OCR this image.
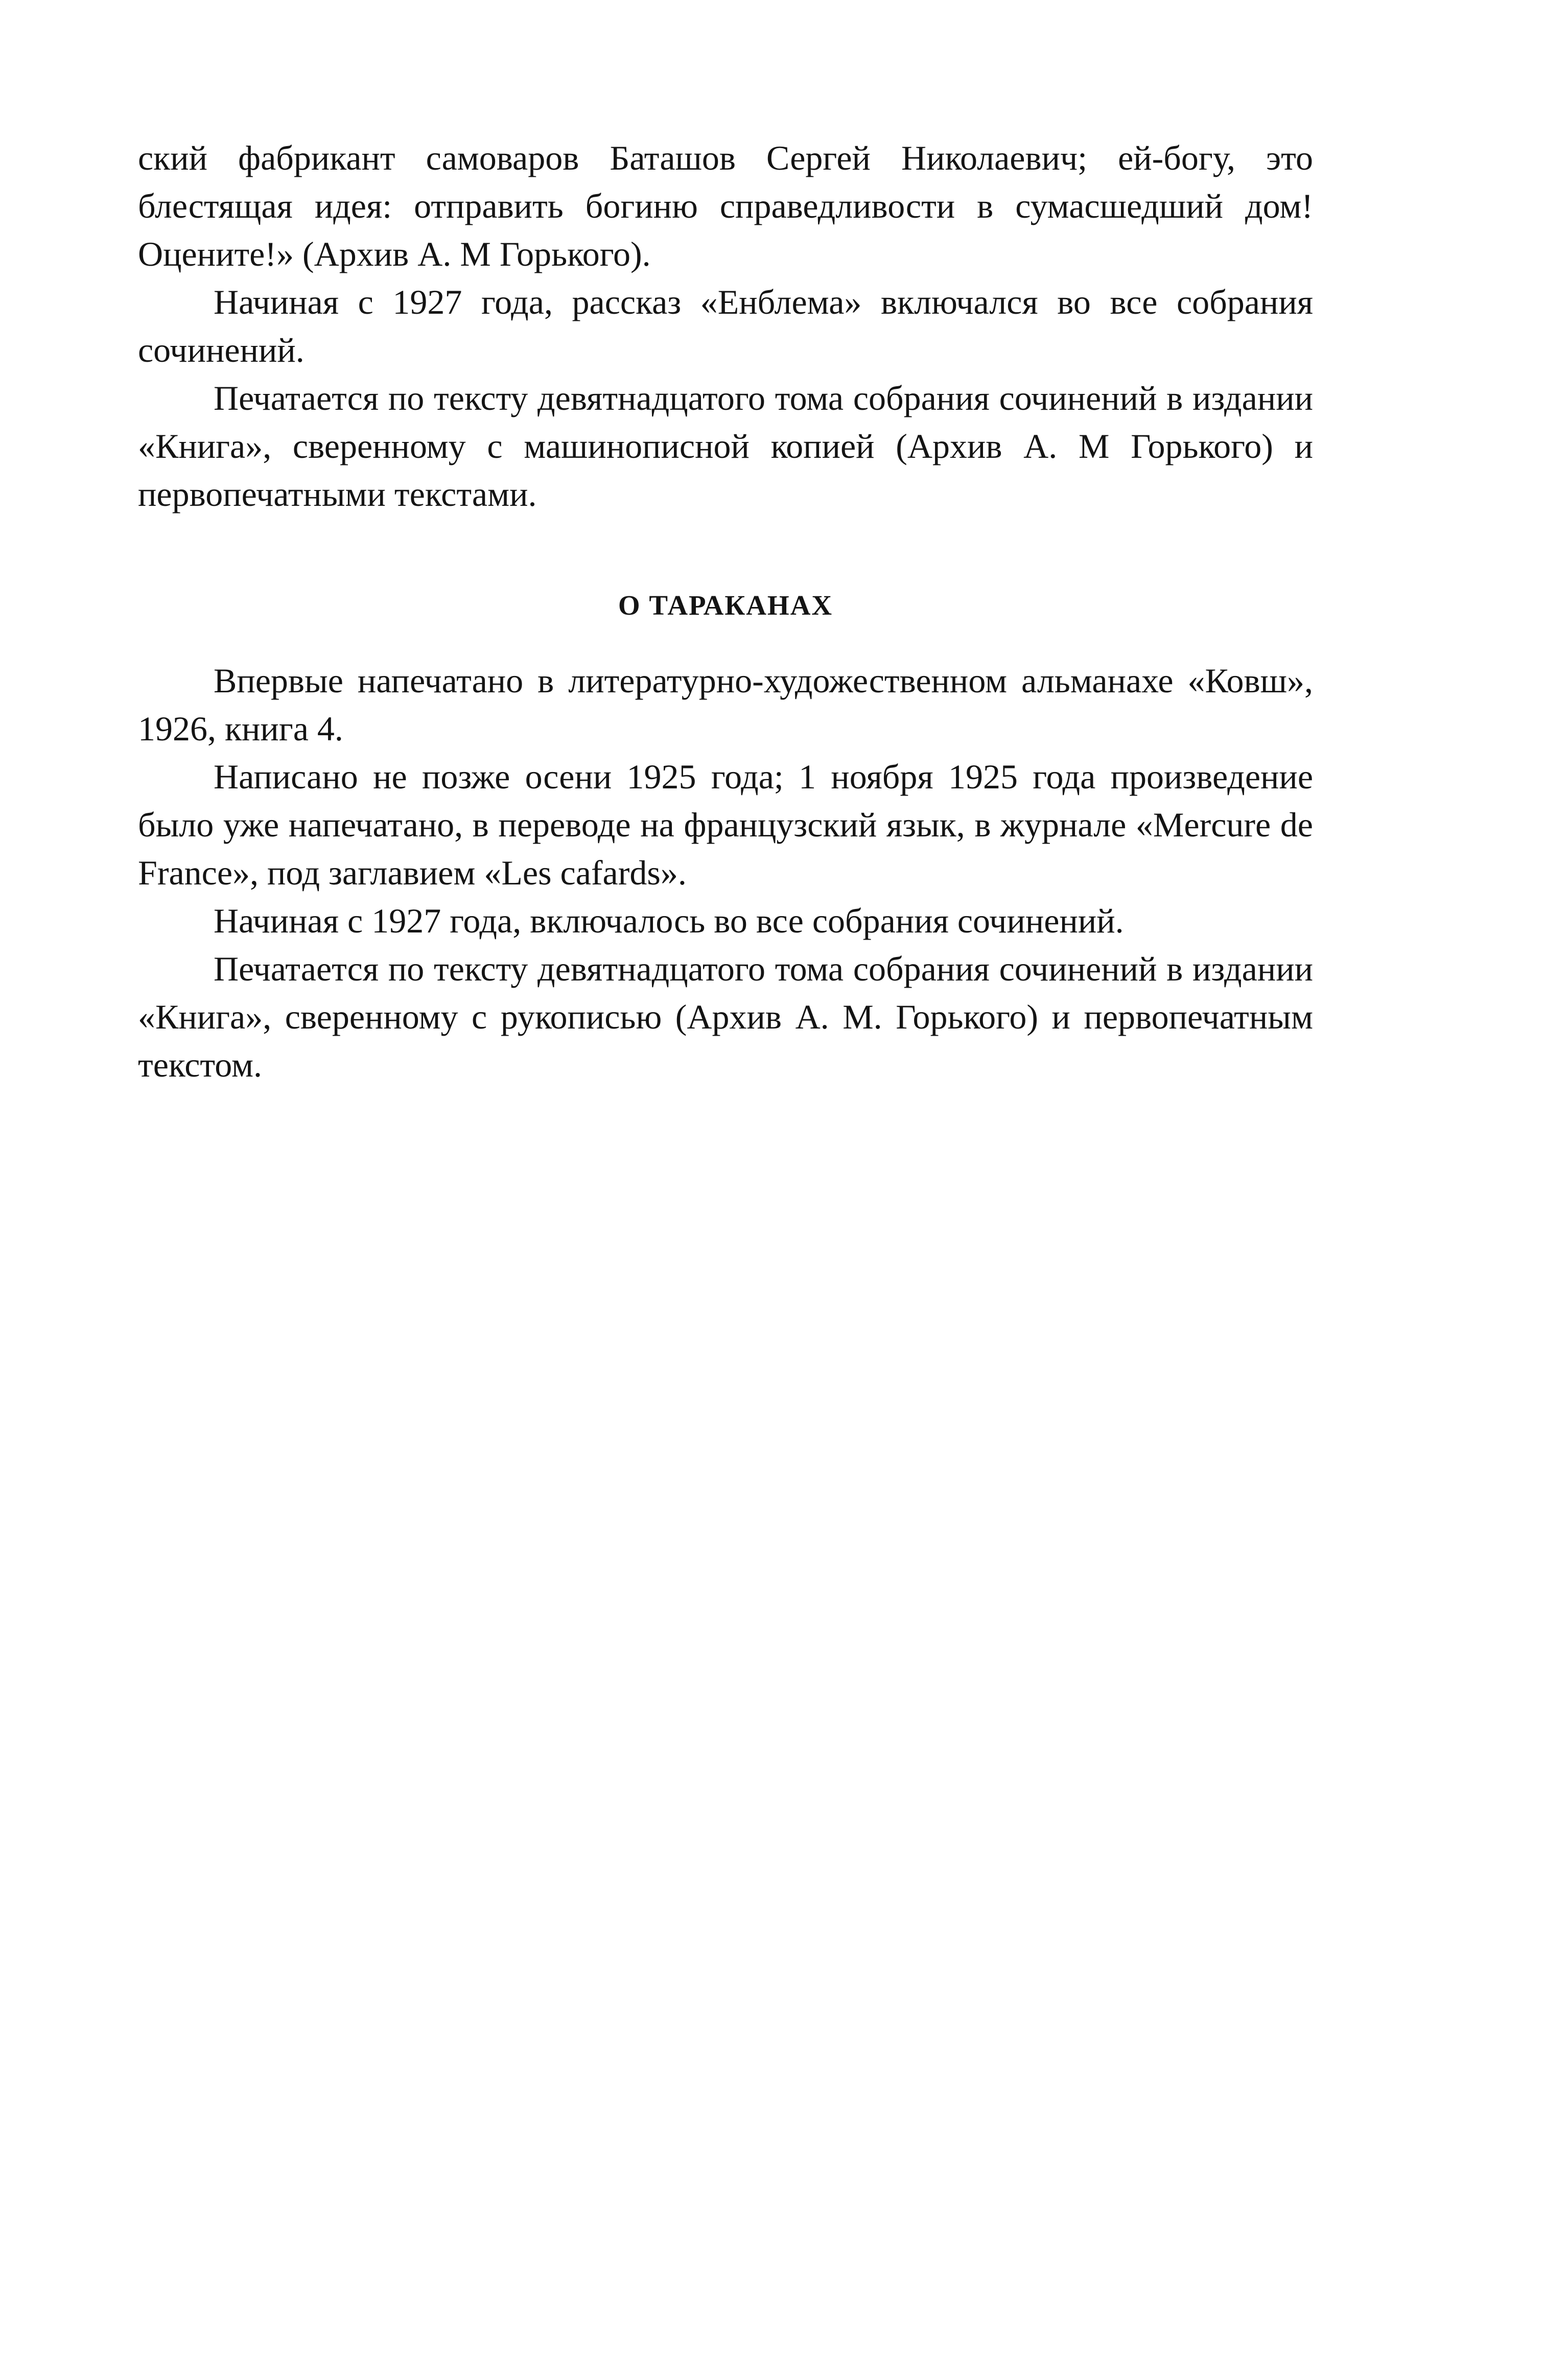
ский фабрикант самоваров Баташов Сергей Николаевич; ей-богу, это блестящая идея: отправить богиню справедливости в сумасшедший дом! Оцените!» (Архив А. М Горького).

Начиная с 1927 года, рассказ «Енблема» включался во все собрания сочинений.

Печатается по тексту девятнадцатого тома собрания сочинений в издании «Книга», сверенному с машинописной копией (Архив А. М Горького) и первопечатными текстами.

О ТАРАКАНАХ

Впервые напечатано в литературно-художественном альманахе «Ковш», 1926, книга 4.

Написано не позже осени 1925 года; 1 ноября 1925 года произведение было уже напечатано, в переводе на французский язык, в журнале «Mercure de France», под заглавием «Les cafards».

Начиная с 1927 года, включалось во все собрания сочинений.

Печатается по тексту девятнадцатого тома собрания сочинений в издании «Книга», сверенному с рукописью (Архив А. М. Горького) и первопечатным текстом.
